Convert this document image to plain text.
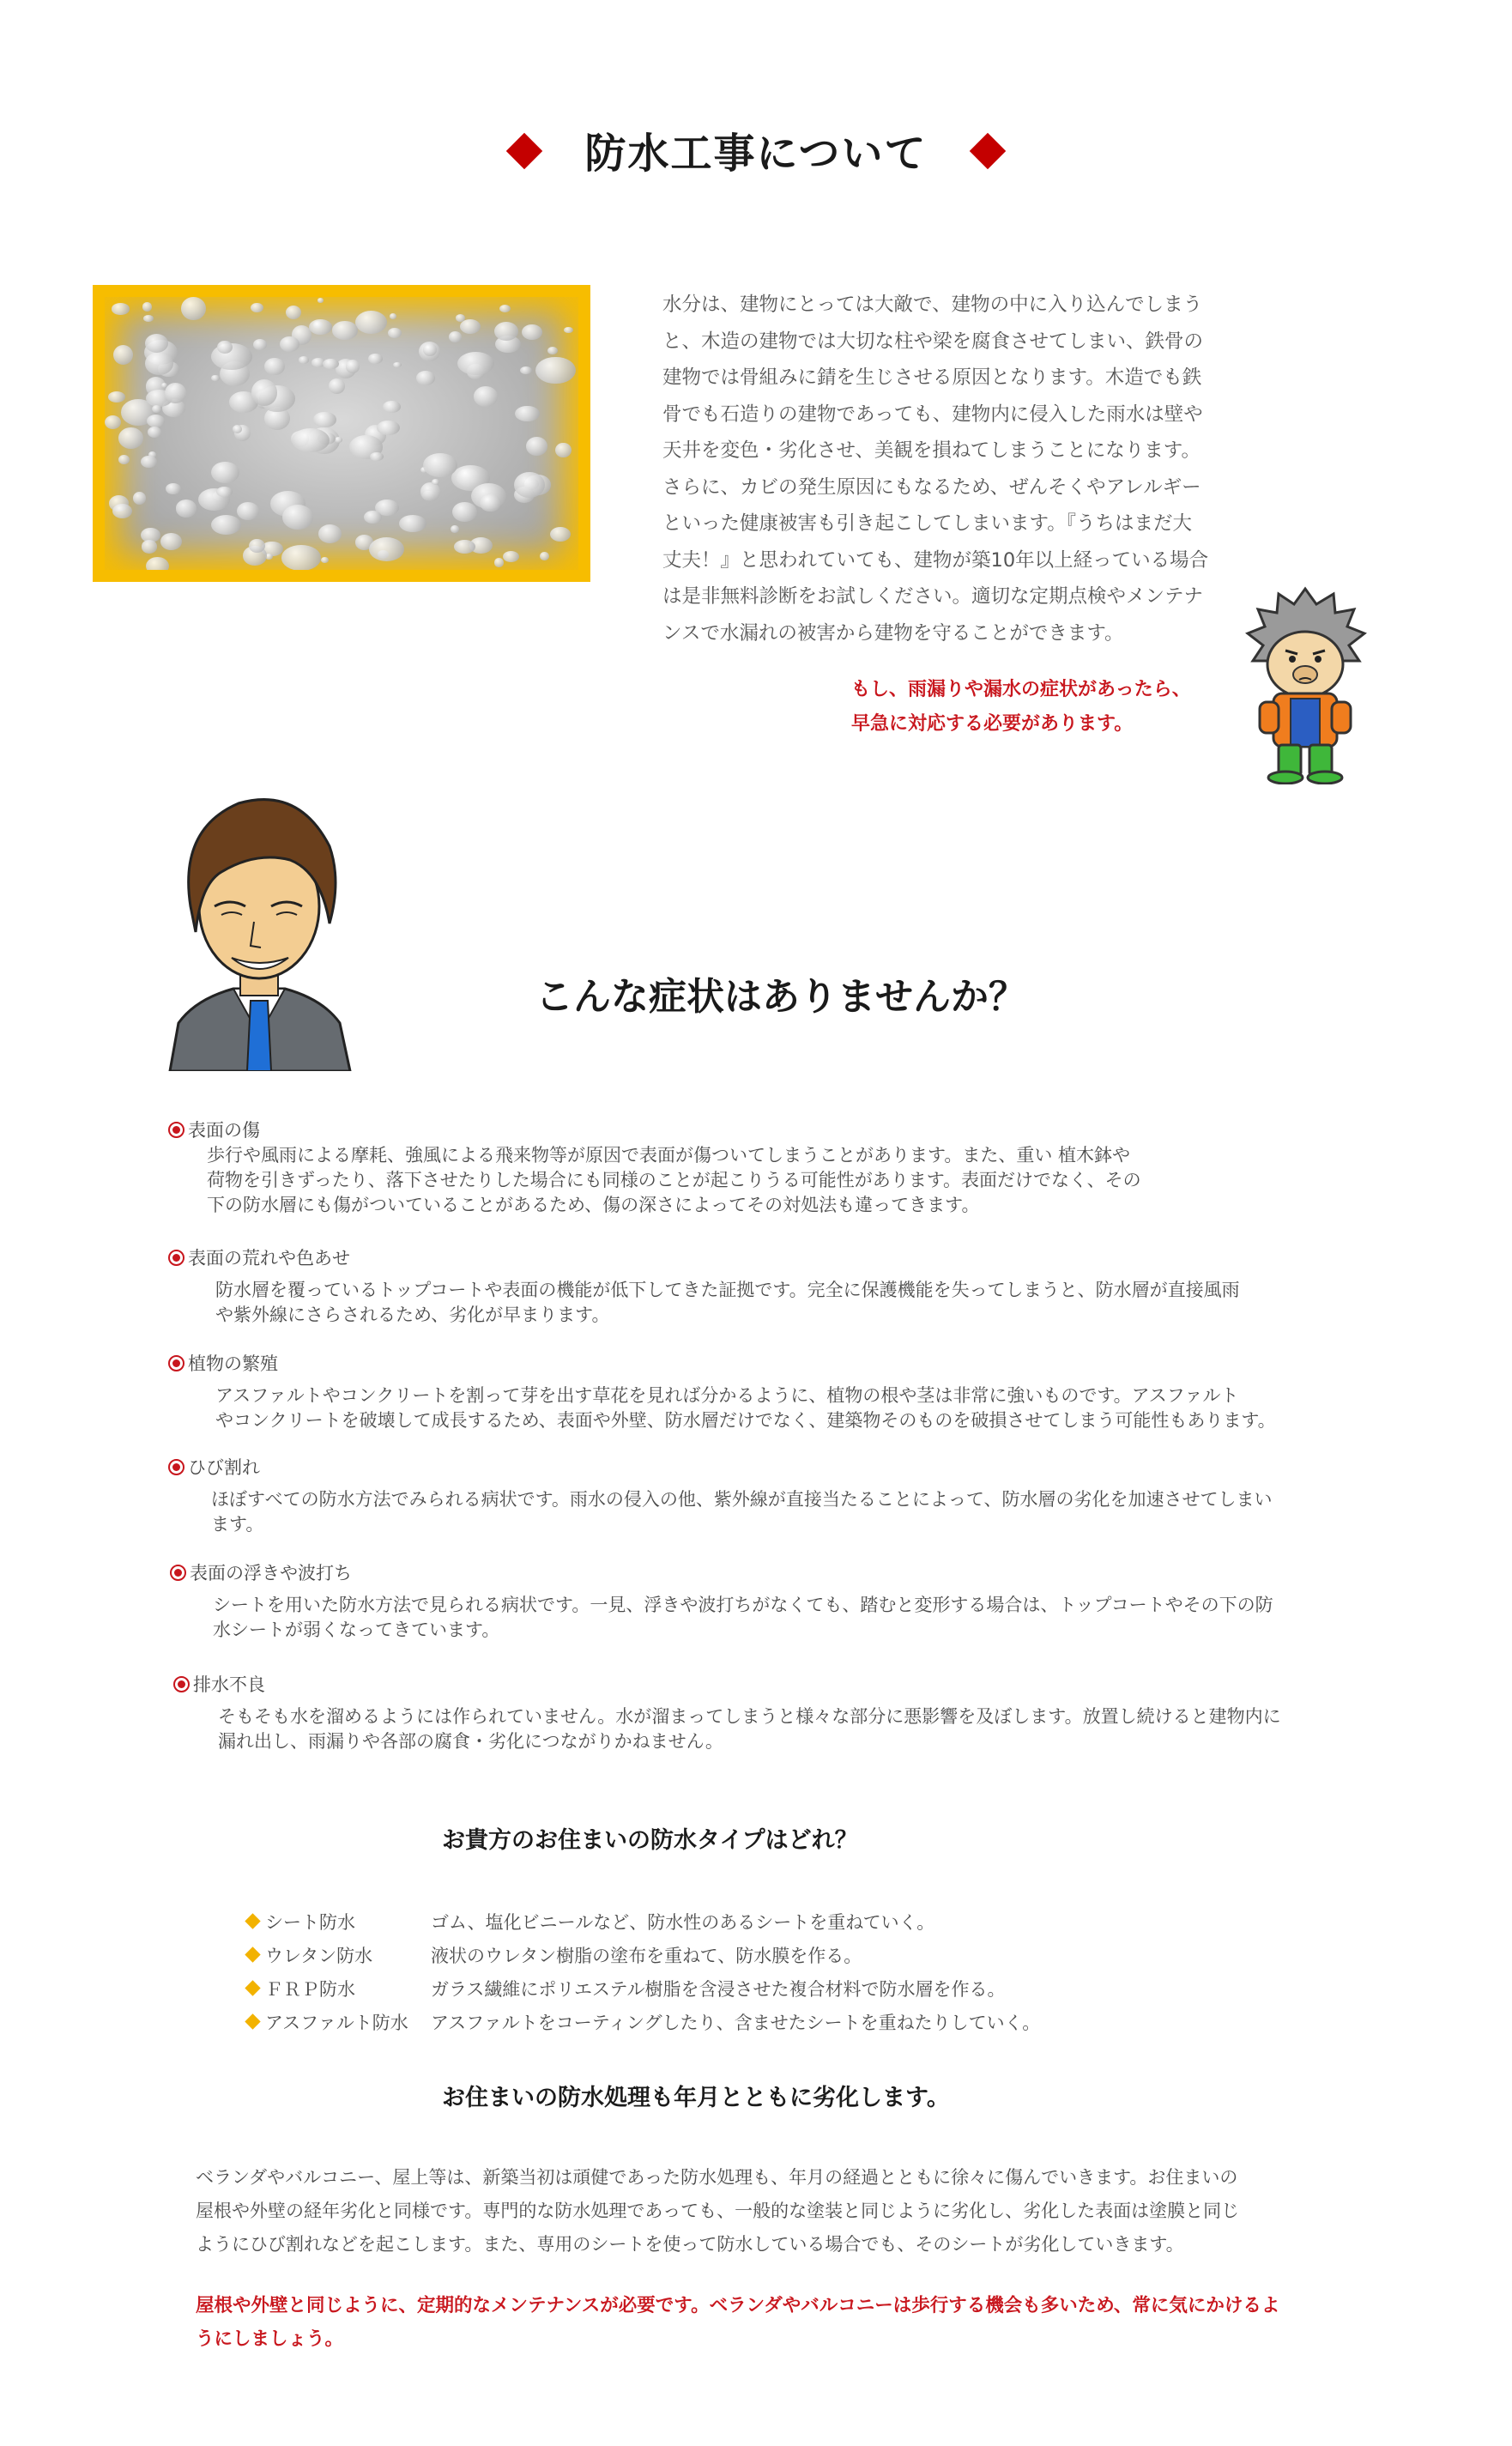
防水工事について
水分は、建物にとっては大敵で、建物の中に入り込んでしまう
と、木造の建物では大切な柱や梁を腐食させてしまい、鉄骨の
建物では骨組みに錆を生じさせる原因となります。木造でも鉄
骨でも石造りの建物であっても、建物内に侵入した雨水は壁や
天井を変色・劣化させ、美観を損ねてしまうことになります。
さらに、カビの発生原因にもなるため、ぜんそくやアレルギー
といった健康被害も引き起こしてしまいます。『うちはまだ大
丈夫！』と思われていても、建物が築10年以上経っている場合
は是非無料診断をお試しください。適切な定期点検やメンテナ
ンスで水漏れの被害から建物を守ることができます。
もし、雨漏りや漏水の症状があったら、
早急に対応する必要があります。
こんな症状はありませんか？
表面の傷
歩行や風雨による摩耗、強風による飛来物等が原因で表面が傷ついてしまうことがあります。また、重い 植木鉢や
荷物を引きずったり、落下させたりした場合にも同様のことが起こりうる可能性があります。表面だけでなく、その
下の防水層にも傷がついていることがあるため、傷の深さによってその対処法も違ってきます。
表面の荒れや色あせ
防水層を覆っているトップコートや表面の機能が低下してきた証拠です。完全に保護機能を失ってしまうと、防水層が直接風雨
や紫外線にさらされるため、劣化が早まります。
植物の繁殖
アスファルトやコンクリートを割って芽を出す草花を見れば分かるように、植物の根や茎は非常に強いものです。アスファルト
やコンクリートを破壊して成長するため、表面や外壁、防水層だけでなく、建築物そのものを破損させてしまう可能性もあります。
ひび割れ
ほぼすべての防水方法でみられる病状です。雨水の侵入の他、紫外線が直接当たることによって、防水層の劣化を加速させてしまい
ます。
表面の浮きや波打ち
シートを用いた防水方法で見られる病状です。一見、浮きや波打ちがなくても、踏むと変形する場合は、トップコートやその下の防
水シートが弱くなってきています。
排水不良
そもそも水を溜めるようには作られていません。水が溜まってしまうと様々な部分に悪影響を及ぼします。放置し続けると建物内に
漏れ出し、雨漏りや各部の腐食・劣化につながりかねません。
お貴方のお住まいの防水タイプはどれ？
シート防水	ゴム、塩化ビニールなど、防水性のあるシートを重ねていく。
ウレタン防水	液状のウレタン樹脂の塗布を重ねて、防水膜を作る。
ＦＲＰ防水	ガラス繊維にポリエステル樹脂を含浸させた複合材料で防水層を作る。
アスファルト防水 アスファルトをコーティングしたり、含ませたシートを重ねたりしていく。
お住まいの防水処理も年月とともに劣化します。
ベランダやバルコニー、屋上等は、新築当初は頑健であった防水処理も、年月の経過とともに徐々に傷んでいきます。お住まいの
屋根や外壁の経年劣化と同様です。専門的な防水処理であっても、一般的な塗装と同じように劣化し、劣化した表面は塗膜と同じ
ようにひび割れなどを起こします。また、専用のシートを使って防水している場合でも、そのシートが劣化していきます。
屋根や外壁と同じように、定期的なメンテナンスが必要です。ベランダやバルコニーは歩行する機会も多いため、常に気にかけるよ
うにしましょう。
